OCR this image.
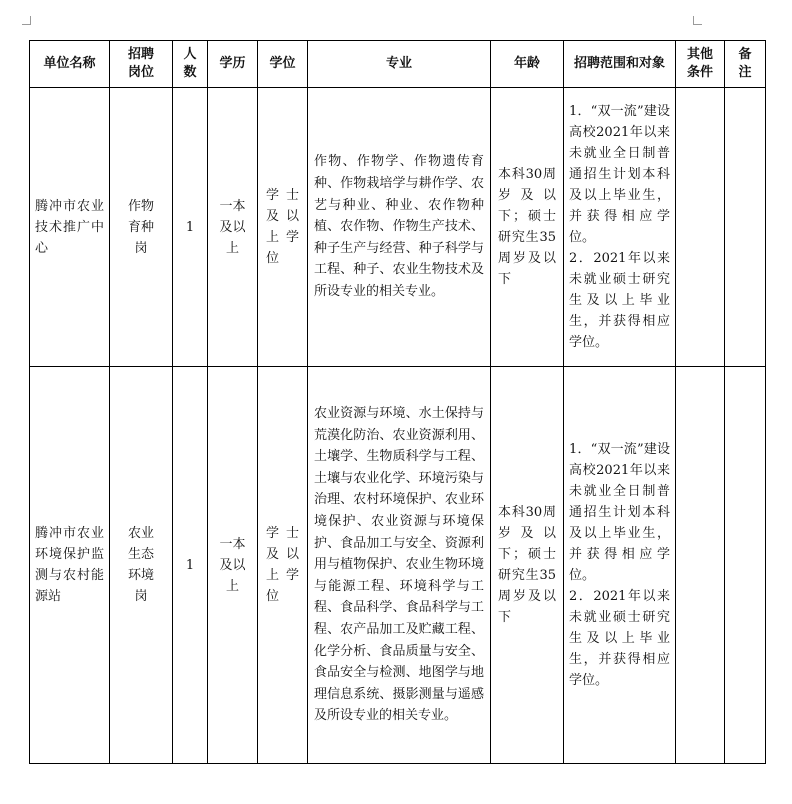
单位名称	招聘岗位	人数	学历	学位	专业	年龄	招聘范围和对象	其他条件	备注
腾冲市农业技术推广中心	作物育种岗	1	一本及以上	学士及以上学位	作物、作物学、作物遗传育种、作物栽培学与耕作学、农艺与种业、种业、农作物种植、农作物、作物生产技术、种子生产与经营、种子科学与工程、种子、农业生物技术及所设专业的相关专业。	本科30周岁及以下；硕士研究生35周岁及以下	1．“双一流”建设高校2021年以来未就业全日制普通招生计划本科及以上毕业生，并获得相应学位。
2．2021年以来未就业硕士研究生及以上毕业生，并获得相应学位。		

腾冲市农业环境保护监测与农村能源站	农业生态环境岗	1	一本及以上	学士及以上学位	农业资源与环境、水土保持与荒漠化防治、农业资源利用、土壤学、生物质科学与工程、土壤与农业化学、环境污染与治理、农村环境保护、农业环境保护、农业资源与环境保护、食品加工与安全、资源利用与植物保护、农业生物环境与能源工程、环境科学与工程、食品科学、食品科学与工程、农产品加工及贮藏工程、化学分析、食品质量与安全、食品安全与检测、地图学与地理信息系统、摄影测量与遥感及所设专业的相关专业。	本科30周岁及以下；硕士研究生35周岁及以下	1．“双一流”建设高校2021年以来未就业全日制普通招生计划本科及以上毕业生，并获得相应学位。
2．2021年以来未就业硕士研究生及以上毕业生，并获得相应学位。		
